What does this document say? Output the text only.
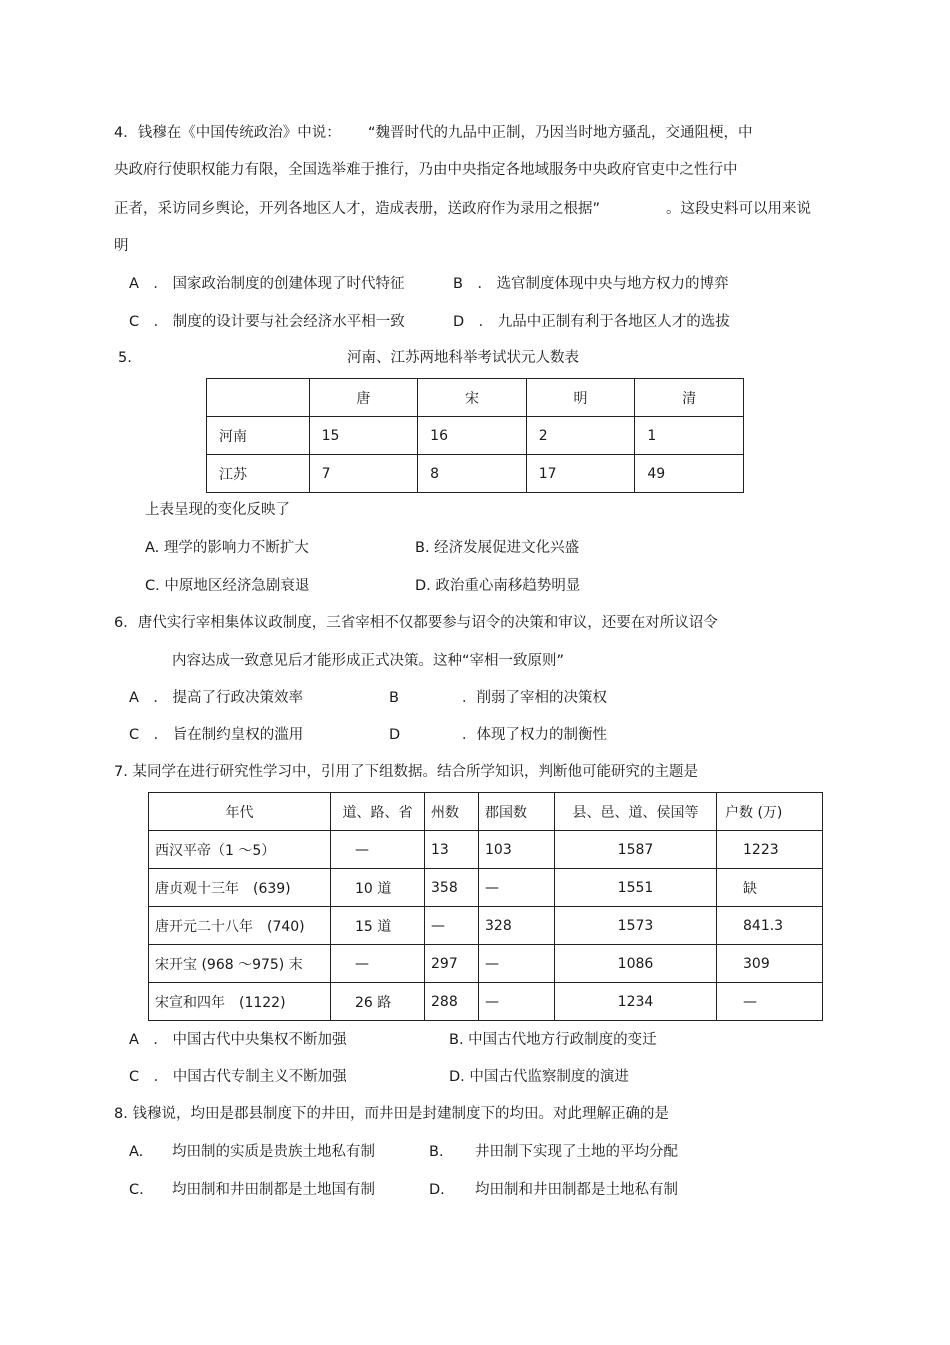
4．钱穆在《中国传统政治》中说： “魏晋时代的九品中正制，乃因当时地方骚乱，交通阻梗，中
央政府行使职权能力有限，全国选举难于推行，乃由中央指定各地域服务中央政府官吏中之性行中
正者，采访同乡舆论，开列各地区人才，造成表册，送政府作为录用之根据”	。这段史料可以用来说
明
A　． 国家政治制度的创建体现了时代特征	B　． 选官制度体现中央与地方权力的博弈
C　． 制度的设计要与社会经济水平相一致	D　． 九品中正制有利于各地区人才的选拔
5.	河南、江苏两地科举考试状元人数表
	唐	宋	明	清
河南	15	16	2	1
江苏	7	8	17	49
上表呈现的变化反映了
A. 理学的影响力不断扩大	B. 经济发展促进文化兴盛
C. 中原地区经济急剧衰退	D. 政治重心南移趋势明显
6．唐代实行宰相集体议政制度，三省宰相不仅都要参与诏令的决策和审议，还要在对所议诏令
内容达成一致意见后才能形成正式决策。这种“宰相一致原则”
A　． 提高了行政决策效率	B	．削弱了宰相的决策权
C　． 旨在制约皇权的滥用	D	．体现了权力的制衡性
7. 某同学在进行研究性学习中，引用了下组数据。结合所学知识，判断他可能研究的主题是
年代	道、路、省	州数	郡国数	县、邑、道、侯国等	户数 (万)
西汉平帝（1 ～5）	—	13	103	1587	1223
唐贞观十三年　(639)	10 道	358	—	1551	缺
唐开元二十八年　(740)	15 道	—	328	1573	841.3
宋开宝 (968 ～975) 末	—	297	—	1086	309
宋宣和四年　(1122)	26 路	288	—	1234	—
A　． 中国古代中央集权不断加强	B. 中国古代地方行政制度的变迁
C　． 中国古代专制主义不断加强	D. 中国古代监察制度的演进
8. 钱穆说，均田是郡县制度下的井田，而井田是封建制度下的均田。对此理解正确的是
A. 均田制的实质是贵族土地私有制	B. 井田制下实现了土地的平均分配
C. 均田制和井田制都是土地国有制	D. 均田制和井田制都是土地私有制
